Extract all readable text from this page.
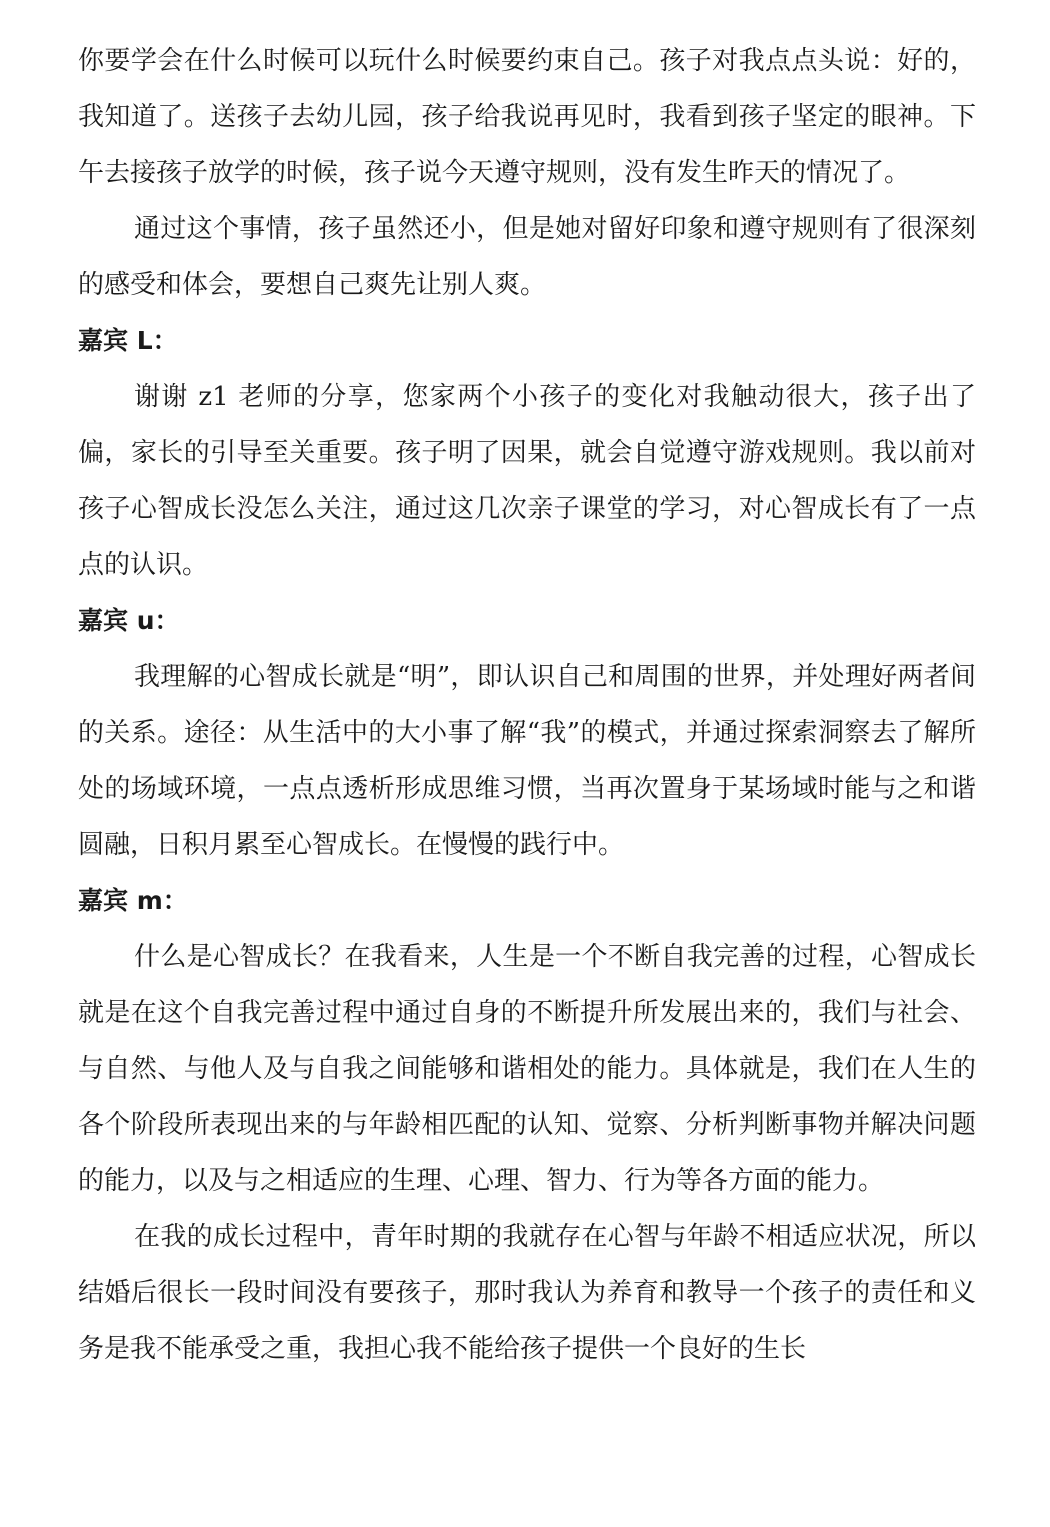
你要学会在什么时候可以玩什么时候要约束自己。孩子对我点点头说：好的，我知道了。送孩子去幼儿园，孩子给我说再见时，我看到孩子坚定的眼神。下午去接孩子放学的时候，孩子说今天遵守规则，没有发生昨天的情况了。

通过这个事情，孩子虽然还小，但是她对留好印象和遵守规则有了很深刻的感受和体会，要想自己爽先让别人爽。

嘉宾 L：

谢谢 z1 老师的分享，您家两个小孩子的变化对我触动很大，孩子出了偏，家长的引导至关重要。孩子明了因果，就会自觉遵守游戏规则。我以前对孩子心智成长没怎么关注，通过这几次亲子课堂的学习，对心智成长有了一点点的认识。

嘉宾 u：

我理解的心智成长就是“明”，即认识自己和周围的世界，并处理好两者间的关系。途径：从生活中的大小事了解“我”的模式，并通过探索洞察去了解所处的场域环境，一点点透析形成思维习惯，当再次置身于某场域时能与之和谐圆融，日积月累至心智成长。在慢慢的践行中。

嘉宾 m：

什么是心智成长？在我看来，人生是一个不断自我完善的过程，心智成长就是在这个自我完善过程中通过自身的不断提升所发展出来的，我们与社会、与自然、与他人及与自我之间能够和谐相处的能力。具体就是，我们在人生的各个阶段所表现出来的与年龄相匹配的认知、觉察、分析判断事物并解决问题的能力，以及与之相适应的生理、心理、智力、行为等各方面的能力。

在我的成长过程中，青年时期的我就存在心智与年龄不相适应状况，所以结婚后很长一段时间没有要孩子，那时我认为养育和教导一个孩子的责任和义务是我不能承受之重，我担心我不能给孩子提供一个良好的生长
